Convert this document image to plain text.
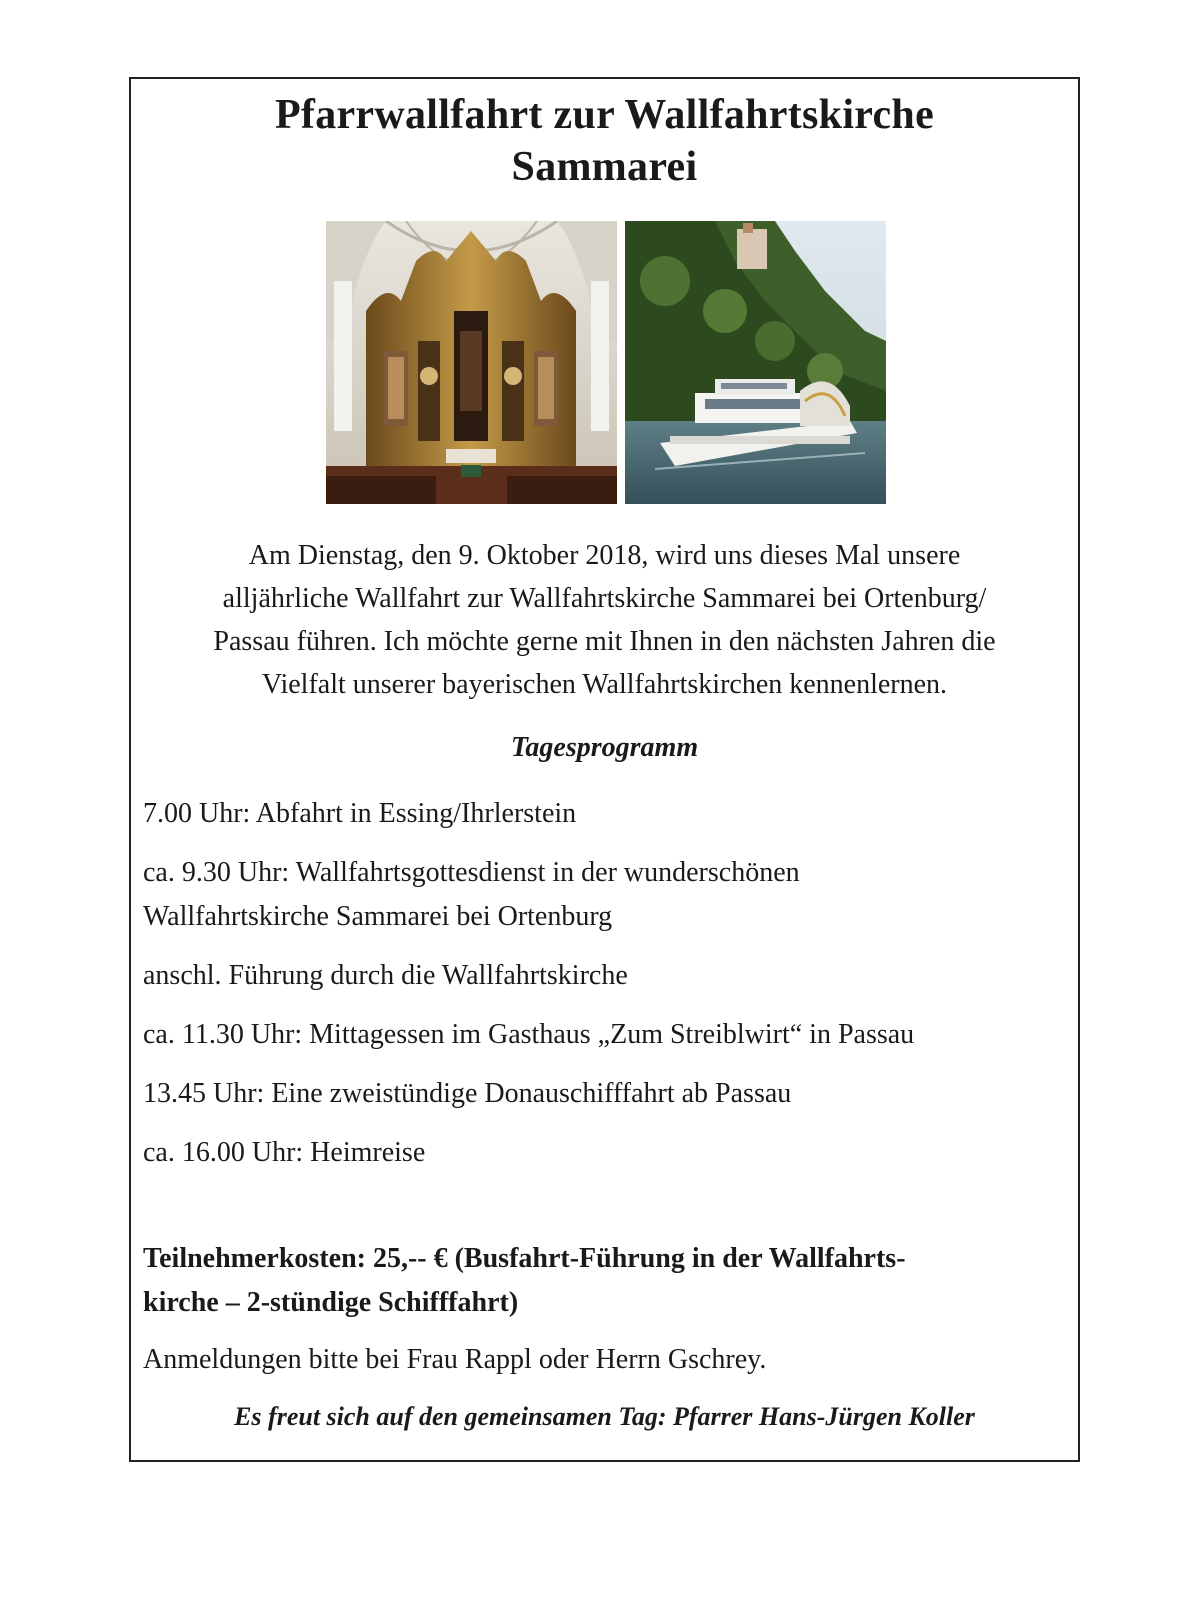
Pfarrwallfahrt zur Wallfahrtskirche
Sammarei
Am Dienstag, den 9. Oktober 2018, wird uns dieses Mal unsere
alljährliche Wallfahrt zur Wallfahrtskirche Sammarei bei Ortenburg/
Passau führen. Ich möchte gerne mit Ihnen in den nächsten Jahren die
Vielfalt unserer bayerischen Wallfahrtskirchen kennenlernen.
Tagesprogramm
7.00 Uhr: Abfahrt in Essing/Ihrlerstein
ca. 9.30 Uhr: Wallfahrtsgottesdienst in der wunderschönen
Wallfahrtskirche Sammarei bei Ortenburg
anschl. Führung durch die Wallfahrtskirche
ca. 11.30 Uhr: Mittagessen im Gasthaus „Zum Streiblwirt“ in Passau
13.45 Uhr: Eine zweistündige Donauschifffahrt ab Passau
ca. 16.00 Uhr: Heimreise
Teilnehmerkosten: 25,-- € (Busfahrt-Führung in der Wallfahrts-
kirche – 2-stündige Schifffahrt)
Anmeldungen bitte bei Frau Rappl oder Herrn Gschrey.
Es freut sich auf den gemeinsamen Tag: Pfarrer Hans-Jürgen Koller
